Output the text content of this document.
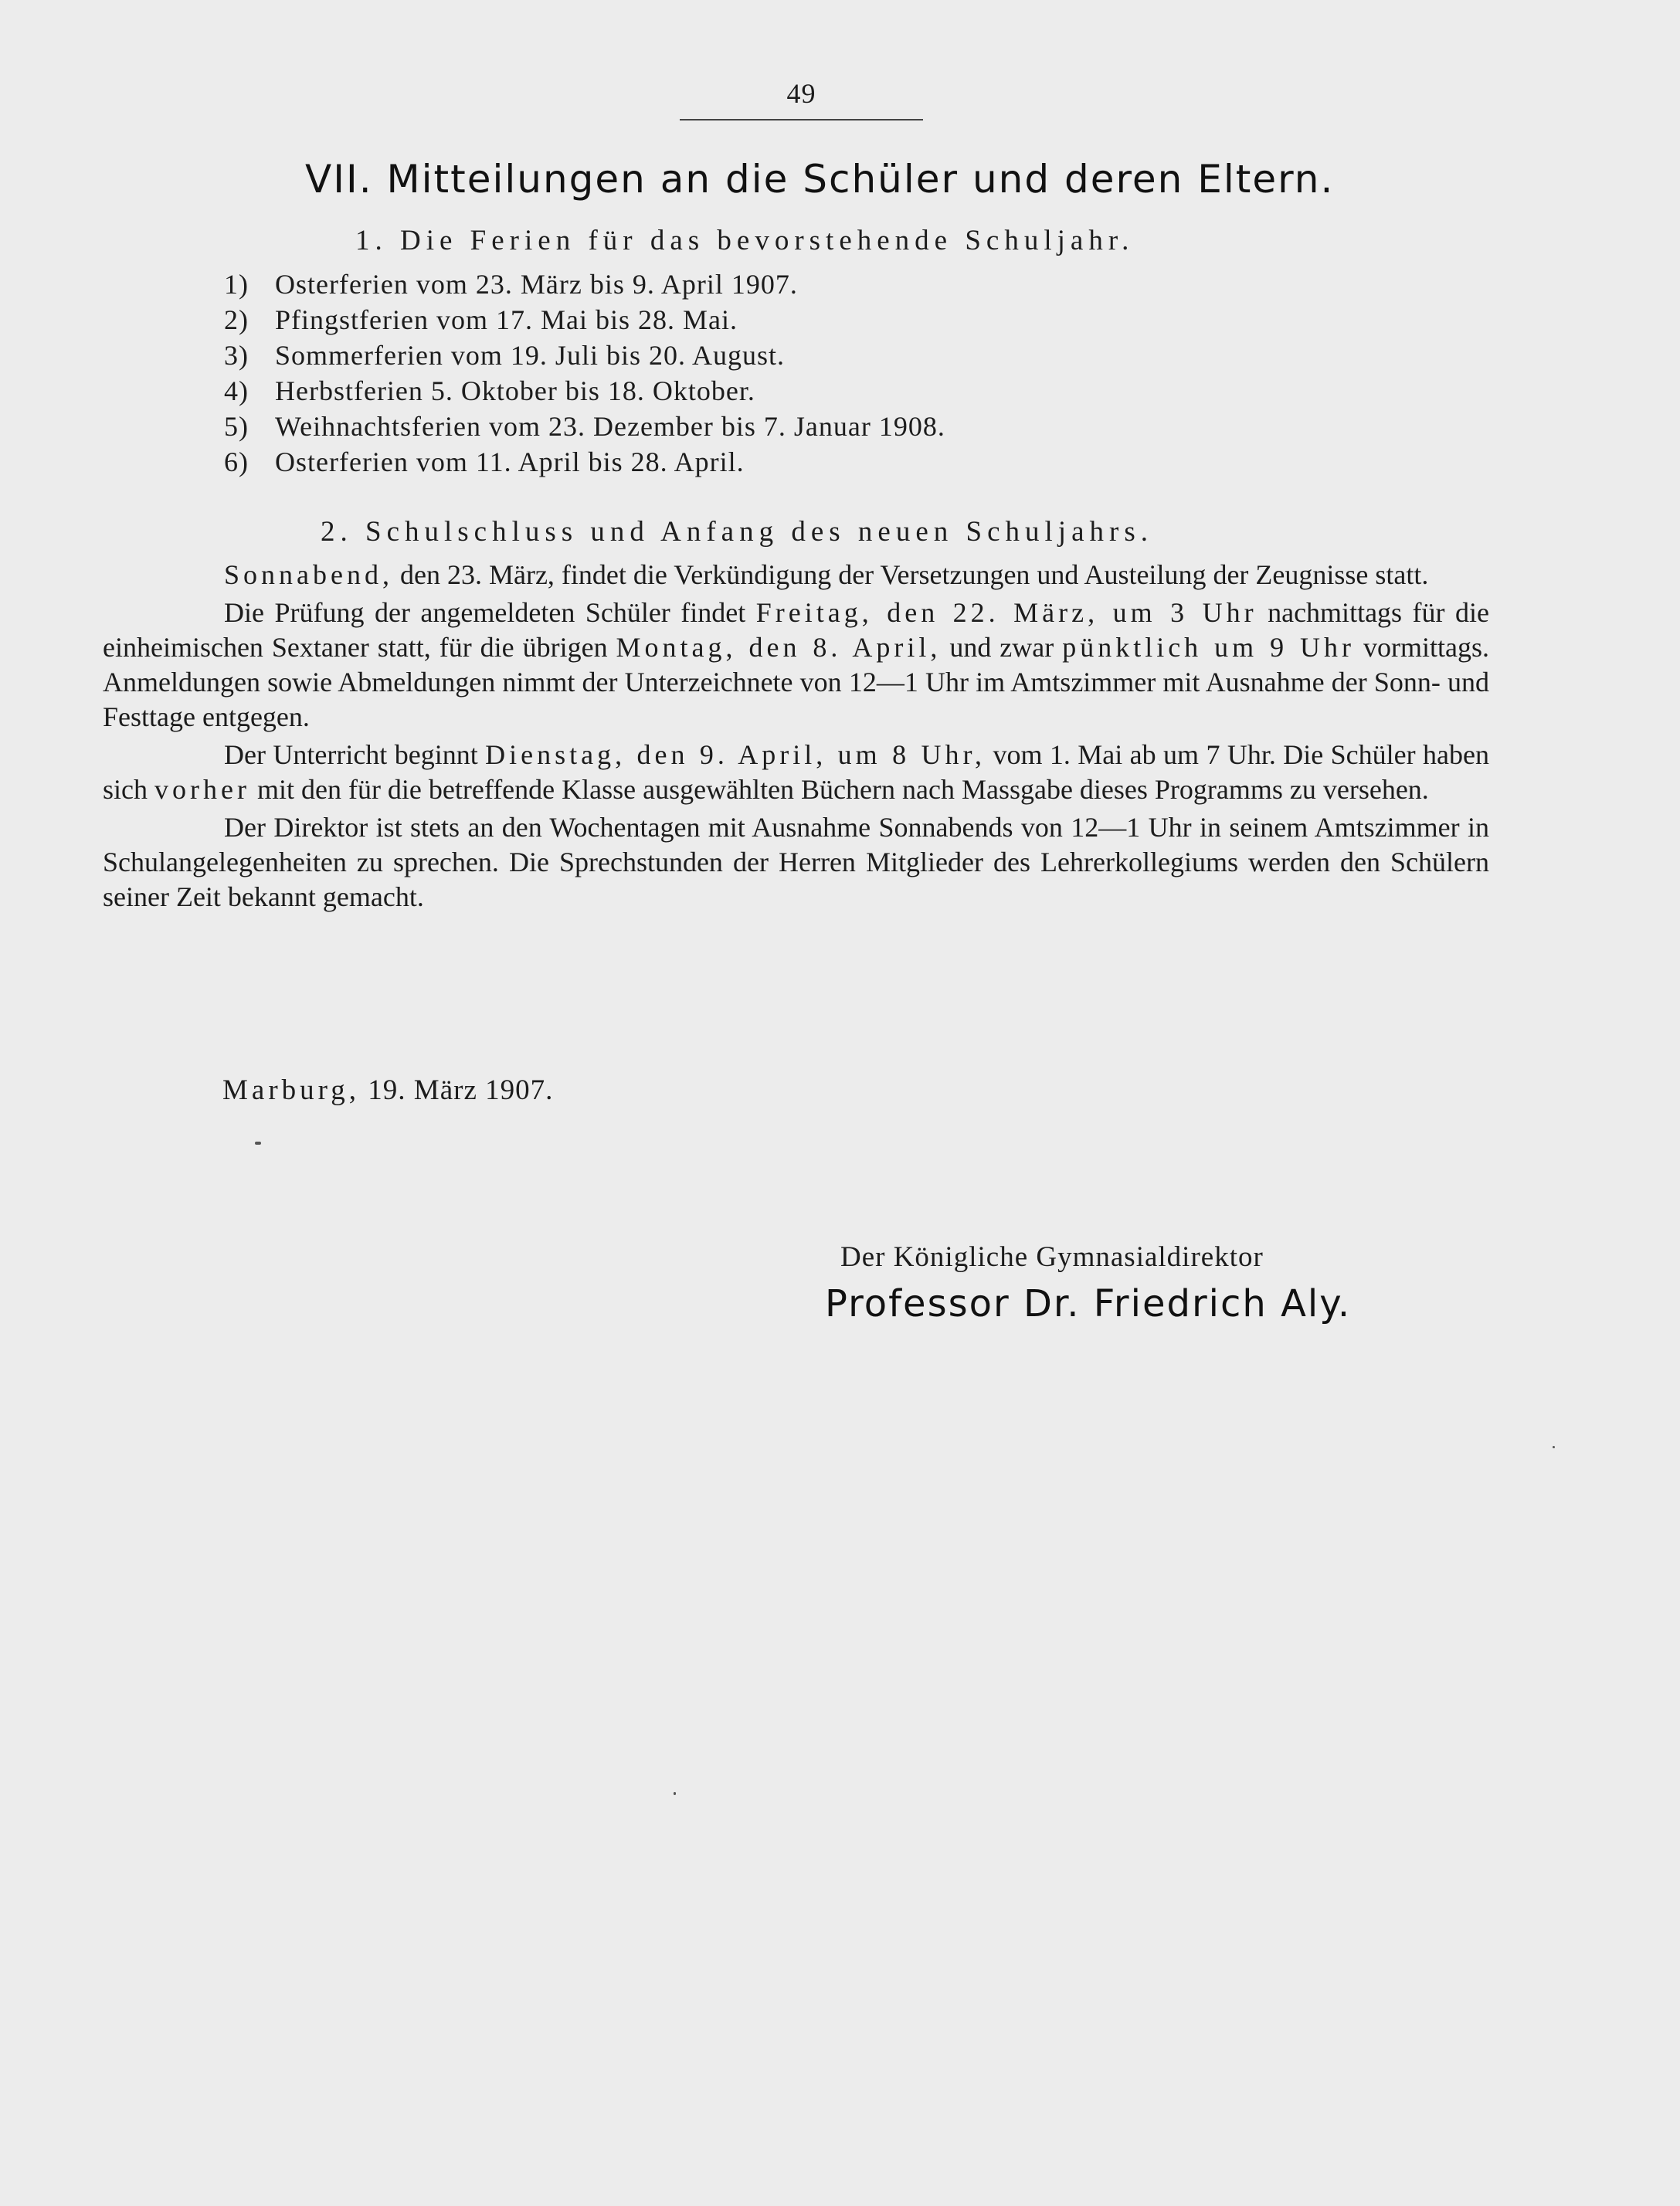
49
VII. Mitteilungen an die Schüler und deren Eltern.
1. Die Ferien für das bevorstehende Schuljahr.
1) Osterferien vom 23. März bis 9. April 1907.
2) Pfingstferien vom 17. Mai bis 28. Mai.
3) Sommerferien vom 19. Juli bis 20. August.
4) Herbstferien 5. Oktober bis 18. Oktober.
5) Weihnachtsferien vom 23. Dezember bis 7. Januar 1908.
6) Osterferien vom 11. April bis 28. April.
2. Schulschluss und Anfang des neuen Schuljahrs.

Sonnabend, den 23. März, findet die Verkündigung der Versetzungen und Austeilung der Zeugnisse statt.

Die Prüfung der angemeldeten Schüler findet Freitag, den 22. März, um 3 Uhr nachmittags für die einheimischen Sextaner statt, für die übrigen Montag, den 8. April, und zwar pünktlich um 9 Uhr vormittags. Anmeldungen sowie Abmeldungen nimmt der Unterzeichnete von 12—1 Uhr im Amtszimmer mit Ausnahme der Sonn- und Festtage entgegen.

Der Unterricht beginnt Dienstag, den 9. April, um 8 Uhr, vom 1. Mai ab um 7 Uhr. Die Schüler haben sich vorher mit den für die betreffende Klasse ausgewählten Büchern nach Massgabe dieses Programms zu versehen.

Der Direktor ist stets an den Wochentagen mit Ausnahme Sonnabends von 12—1 Uhr in seinem Amtszimmer in Schulangelegenheiten zu sprechen. Die Sprechstunden der Herren Mitglieder des Lehrerkollegiums werden den Schülern seiner Zeit bekannt gemacht.

Marburg, 19. März 1907.
Der Königliche Gymnasialdirektor
Professor Dr. Friedrich Aly.
